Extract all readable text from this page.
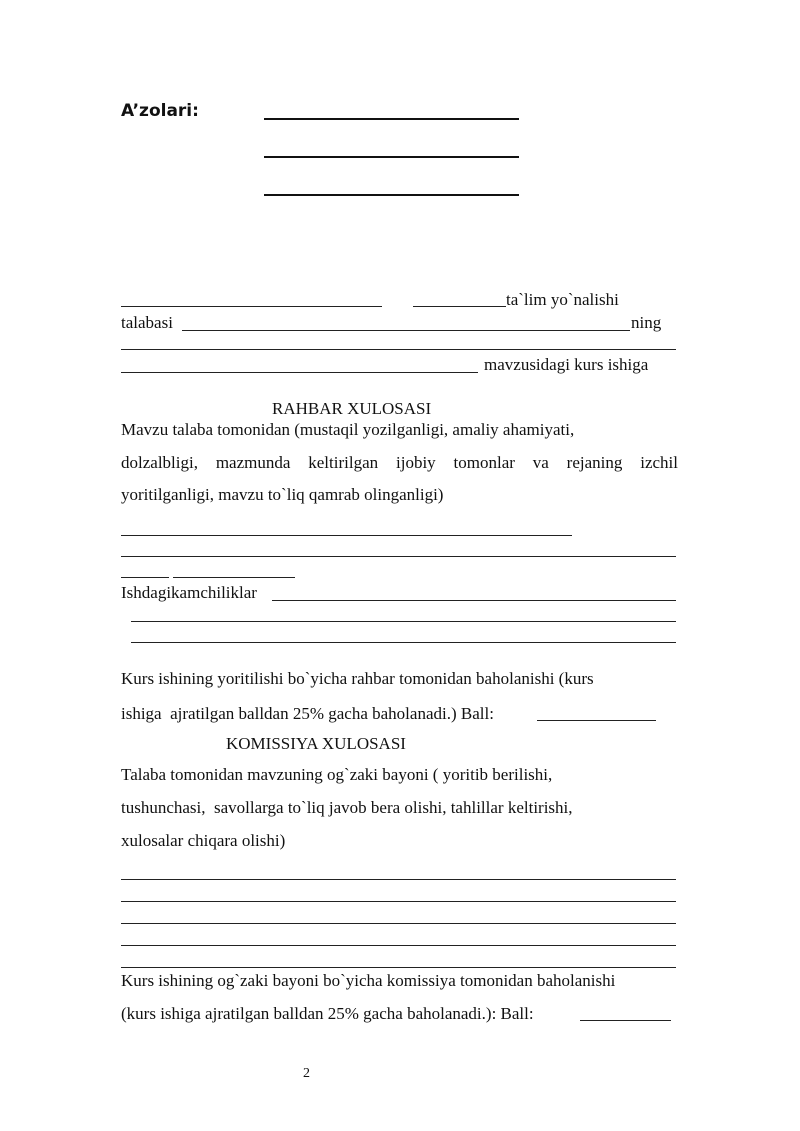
A’zolari:
ta`lim yo`nalishi
talabasi	ning
mavzusidagi kurs ishiga
RAHBAR XULOSASI
Mavzu talaba tomonidan (mustaqil yozilganligi, amaliy ahamiyati,
dolzalbligi, mazmunda keltirilgan ijobiy tomonlar va rejaning izchil
yoritilganligi, mavzu to`liq qamrab olinganligi)
Ishdagikamchiliklar
Kurs ishining yoritilishi bo`yicha rahbar tomonidan baholanishi (kurs
ishiga  ajratilgan balldan 25% gacha baholanadi.) Ball:
KOMISSIYA XULOSASI
Talaba tomonidan mavzuning og`zaki bayoni ( yoritib berilishi,
tushunchasi,  savollarga to`liq javob bera olishi, tahlillar keltirishi,
xulosalar chiqara olishi)
Kurs ishining og`zaki bayoni bo`yicha komissiya tomonidan baholanishi
(kurs ishiga ajratilgan balldan 25% gacha baholanadi.): Ball:
2
